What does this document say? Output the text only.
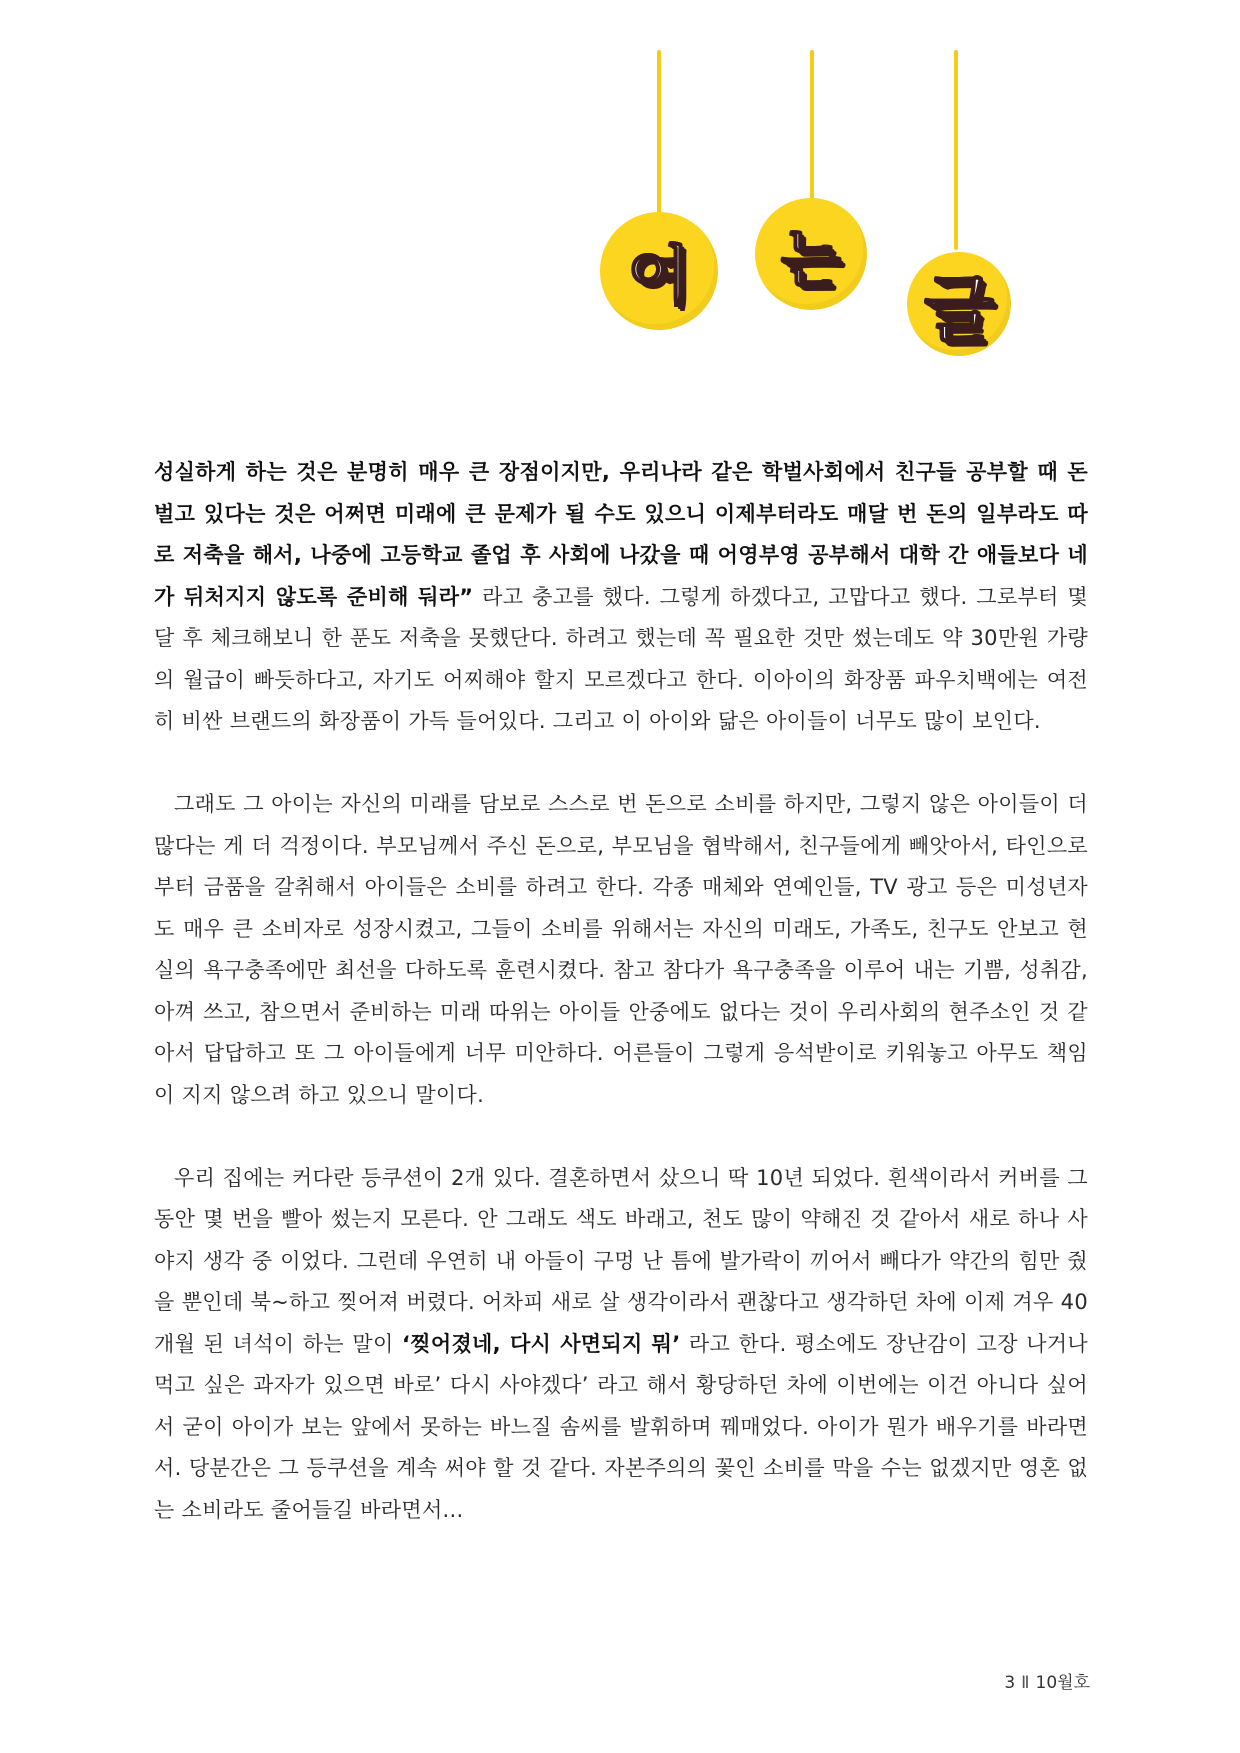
여 는
글

성실하게 하는 것은 분명히 매우 큰 장점이지만, 우리나라 같은 학벌사회에서 친구들 공부할 때 돈 벌고 있다는 것은 어쩌면 미래에 큰 문제가 될 수도 있으니 이제부터라도 매달 번 돈의 일부라도 따로 저축을 해서, 나중에 고등학교 졸업 후 사회에 나갔을 때 어영부영 공부해서 대학 간 애들보다 네가 뒤처지지 않도록 준비해 둬라” 라고 충고를 했다. 그렇게 하겠다고, 고맙다고 했다. 그로부터 몇 달 후 체크해보니 한 푼도 저축을 못했단다. 하려고 했는데 꼭 필요한 것만 썼는데도 약 30만원 가량의 월급이 빠듯하다고, 자기도 어찌해야 할지 모르겠다고 한다. 이아이의 화장품 파우치백에는 여전히 비싼 브랜드의 화장품이 가득 들어있다. 그리고 이 아이와 닮은 아이들이 너무도 많이 보인다.

그래도 그 아이는 자신의 미래를 담보로 스스로 번 돈으로 소비를 하지만, 그렇지 않은 아이들이 더 많다는 게 더 걱정이다. 부모님께서 주신 돈으로, 부모님을 협박해서, 친구들에게 빼앗아서, 타인으로부터 금품을 갈취해서 아이들은 소비를 하려고 한다. 각종 매체와 연예인들, TV 광고 등은 미성년자도 매우 큰 소비자로 성장시켰고, 그들이 소비를 위해서는 자신의 미래도, 가족도, 친구도 안보고 현실의 욕구충족에만 최선을 다하도록 훈련시켰다. 참고 참다가 욕구충족을 이루어 내는 기쁨, 성취감, 아껴 쓰고, 참으면서 준비하는 미래 따위는 아이들 안중에도 없다는 것이 우리사회의 현주소인 것 같아서 답답하고 또 그 아이들에게 너무 미안하다. 어른들이 그렇게 응석받이로 키워놓고 아무도 책임이 지지 않으려 하고 있으니 말이다.

우리 집에는 커다란 등쿠션이 2개 있다. 결혼하면서 샀으니 딱 10년 되었다. 흰색이라서 커버를 그동안 몇 번을 빨아 썼는지 모른다. 안 그래도 색도 바래고, 천도 많이 약해진 것 같아서 새로 하나 사야지 생각 중 이었다. 그런데 우연히 내 아들이 구멍 난 틈에 발가락이 끼어서 빼다가 약간의 힘만 줬을 뿐인데 북~하고 찢어져 버렸다. 어차피 새로 살 생각이라서 괜찮다고 생각하던 차에 이제 겨우 40개월 된 녀석이 하는 말이 ‘찢어졌네, 다시 사면되지 뭐’ 라고 한다. 평소에도 장난감이 고장 나거나 먹고 싶은 과자가 있으면 바로’ 다시 사야겠다’ 라고 해서 황당하던 차에 이번에는 이건 아니다 싶어서 굳이 아이가 보는 앞에서 못하는 바느질 솜씨를 발휘하며 꿰매었다. 아이가 뭔가 배우기를 바라면서. 당분간은 그 등쿠션을 계속 써야 할 것 같다. 자본주의의 꽃인 소비를 막을 수는 없겠지만 영혼 없는 소비라도 줄어들길 바라면서...

3 Ⅱ 10월호
